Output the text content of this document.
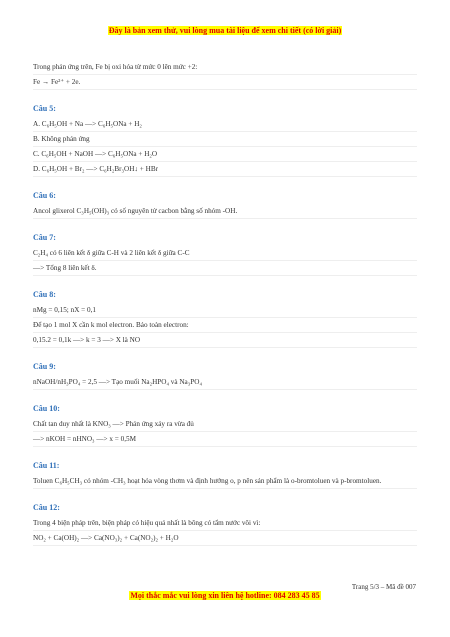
Đây là bản xem thử, vui lòng mua tài liệu để xem chi tiết (có lời giải)
Trong phản ứng trên, Fe bị oxi hóa từ mức 0 lên mức +2:
Fe → Fe²⁺ + 2e.
Câu 5:
A. C₆H₅OH + Na —> C₆H₅ONa + H₂
B. Không phản ứng
C. C₆H₅OH + NaOH —> C₆H₅ONa + H₂O
D. C₆H₅OH + Br₂ —> C₆H₂Br₃OH↓ + HBr
Câu 6:
Ancol glixerol C₃H₅(OH)₃ có số nguyên tử cacbon bằng số nhóm -OH.
Câu 7:
C₂H₄ có 6 liên kết δ giữa C-H và 2 liên kết δ giữa C-C
—> Tổng 8 liên kết δ.
Câu 8:
nMg = 0,15; nX = 0,1
Để tạo 1 mol X cần k mol electron. Bảo toàn electron:
0,15.2 = 0,1k —> k = 3 —> X là NO
Câu 9:
nNaOH/nH₃PO₄ = 2,5 —> Tạo muối Na₂HPO₄ và Na₃PO₄
Câu 10:
Chất tan duy nhất là KNO₃ —> Phản ứng xảy ra vừa đủ
—> nKOH = nHNO₃ —> x = 0,5M
Câu 11:
Toluen C₆H₅CH₃ có nhóm -CH₃ hoạt hóa vòng thơm và định hướng o, p nên sản phẩm là o-bromtoluen và p-bromtoluen.
Câu 12:
Trong 4 biện pháp trên, biện pháp có hiệu quả nhất là bông có tẩm nước vôi vì:
NO₂ + Ca(OH)₂ —> Ca(NO₃)₂ + Ca(NO₂)₂ + H₂O
Trang 5/3 – Mã đề 007
Mọi thắc mắc vui lòng xin liên hệ hotline: 084 283 45 85
